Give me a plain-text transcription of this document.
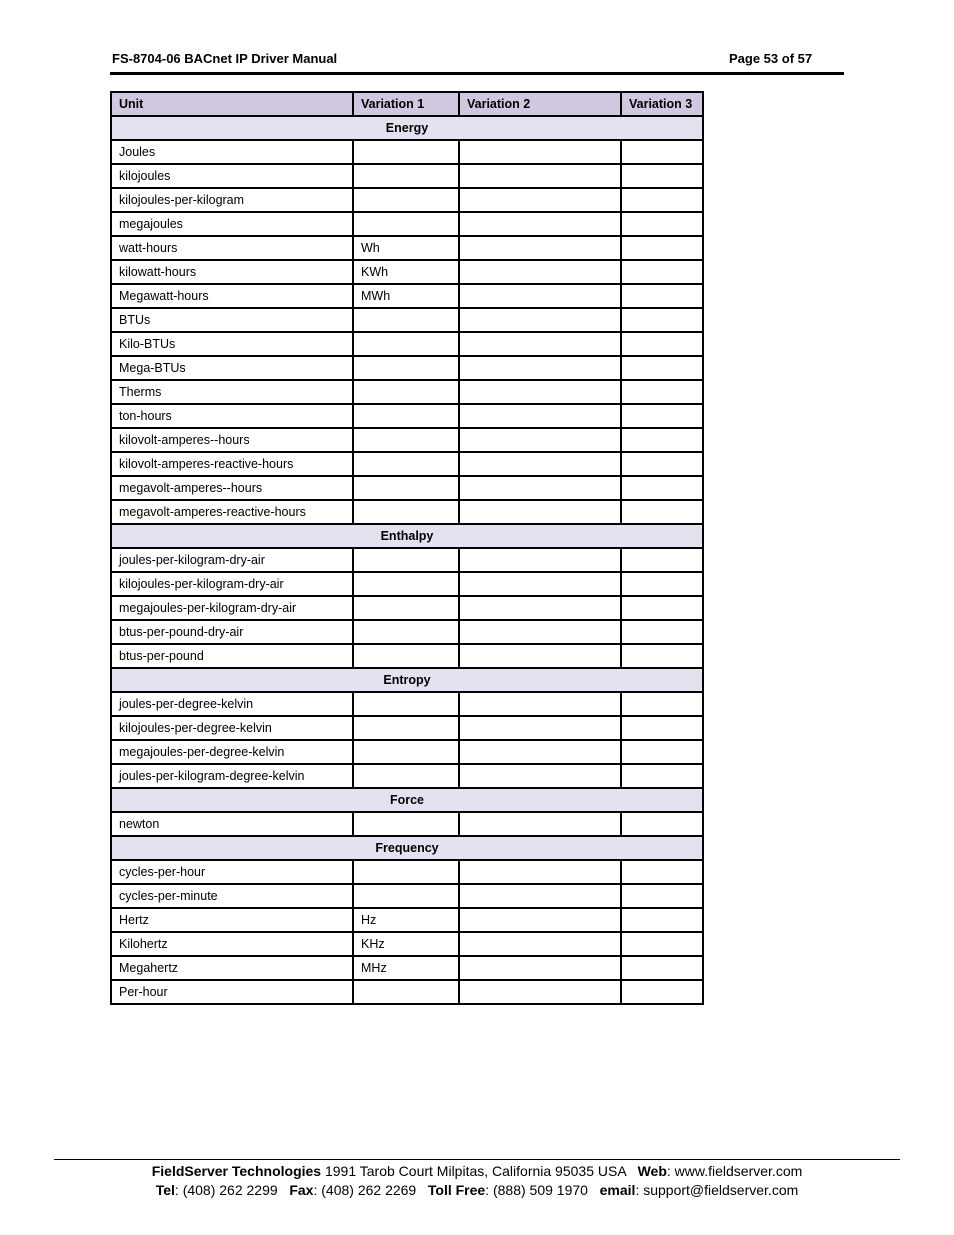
FS-8704-06 BACnet IP Driver Manual	Page 53 of 57
Unit	Variation 1	Variation 2	Variation 3
Energy			
Joules			
kilojoules			
kilojoules-per-kilogram			
megajoules			
watt-hours	Wh		
kilowatt-hours	KWh		
Megawatt-hours	MWh		
BTUs			
Kilo-BTUs			
Mega-BTUs			
Therms			
ton-hours			
kilovolt-amperes--hours			
kilovolt-amperes-reactive-hours			
megavolt-amperes--hours			
megavolt-amperes-reactive-hours			
Enthalpy			
joules-per-kilogram-dry-air			
kilojoules-per-kilogram-dry-air			
megajoules-per-kilogram-dry-air			
btus-per-pound-dry-air			
btus-per-pound			
Entropy			
joules-per-degree-kelvin			
kilojoules-per-degree-kelvin			
megajoules-per-degree-kelvin			
joules-per-kilogram-degree-kelvin			
Force			
newton			
Frequency			
cycles-per-hour			
cycles-per-minute			
Hertz	Hz		
Kilohertz	KHz		
Megahertz	MHz		
Per-hour			
FieldServer Technologies 1991 Tarob Court Milpitas, California 95035 USA   Web: www.fieldserver.com
Tel: (408) 262 2299   Fax: (408) 262 2269   Toll Free: (888) 509 1970   email: support@fieldserver.com
